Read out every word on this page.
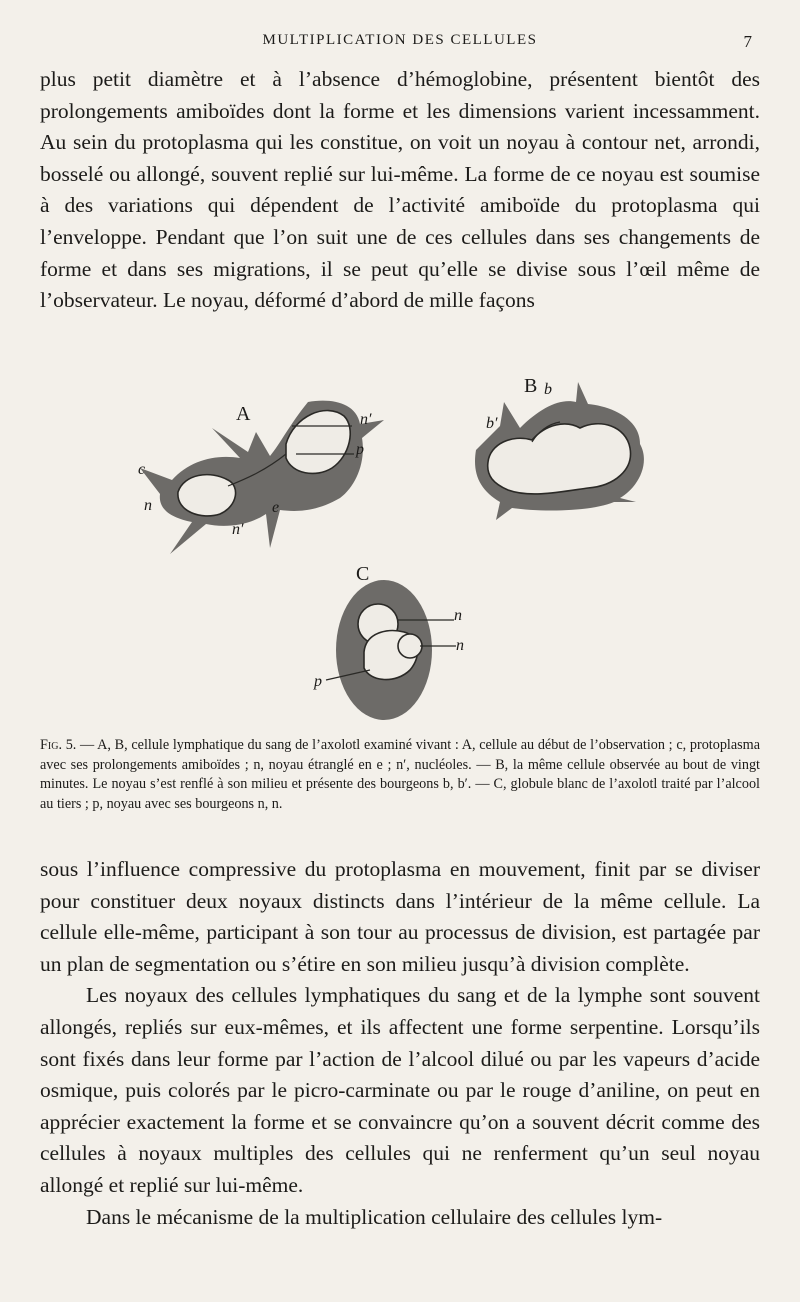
MULTIPLICATION DES CELLULES	7

plus petit diamètre et à l’absence d’hémoglobine, présentent bientôt des prolongements amiboïdes dont la forme et les dimensions varient incessamment. Au sein du protoplasma qui les constitue, on voit un noyau à contour net, arrondi, bosselé ou allongé, souvent replié sur lui-même. La forme de ce noyau est soumise à des variations qui dépendent de l’activité amiboïde du protoplasma qui l’enveloppe. Pendant que l’on suit une de ces cellules dans ses changements de forme et dans ses migrations, il se peut qu’elle se divise sous l’œil même de l’observateur. Le noyau, déformé d’abord de mille façons

A
c
n	e
n′
n′
p
B b
b′
C
n
n
p
Fig. 5. — A, B, cellule lymphatique du sang de l’axolotl examiné vivant : A, cellule au début de l’observation ; c, protoplasma avec ses prolongements amiboïdes ; n, noyau étranglé en e ; n′, nucléoles. — B, la même cellule observée au bout de vingt minutes. Le noyau s’est renflé à son milieu et présente des bourgeons b, b′. — C, globule blanc de l’axolotl traité par l’alcool au tiers ; p, noyau avec ses bourgeons n, n.

sous l’influence compressive du protoplasma en mouvement, finit par se diviser pour constituer deux noyaux distincts dans l’intérieur de la même cellule. La cellule elle-même, participant à son tour au processus de division, est partagée par un plan de segmentation ou s’étire en son milieu jusqu’à division complète.

Les noyaux des cellules lymphatiques du sang et de la lymphe sont souvent allongés, repliés sur eux-mêmes, et ils affectent une forme serpentine. Lorsqu’ils sont fixés dans leur forme par l’action de l’alcool dilué ou par les vapeurs d’acide osmique, puis colorés par le picro-carminate ou par le rouge d’aniline, on peut en apprécier exactement la forme et se convaincre qu’on a souvent décrit comme des cellules à noyaux multiples des cellules qui ne renferment qu’un seul noyau allongé et replié sur lui-même.

Dans le mécanisme de la multiplication cellulaire des cellules lym-
